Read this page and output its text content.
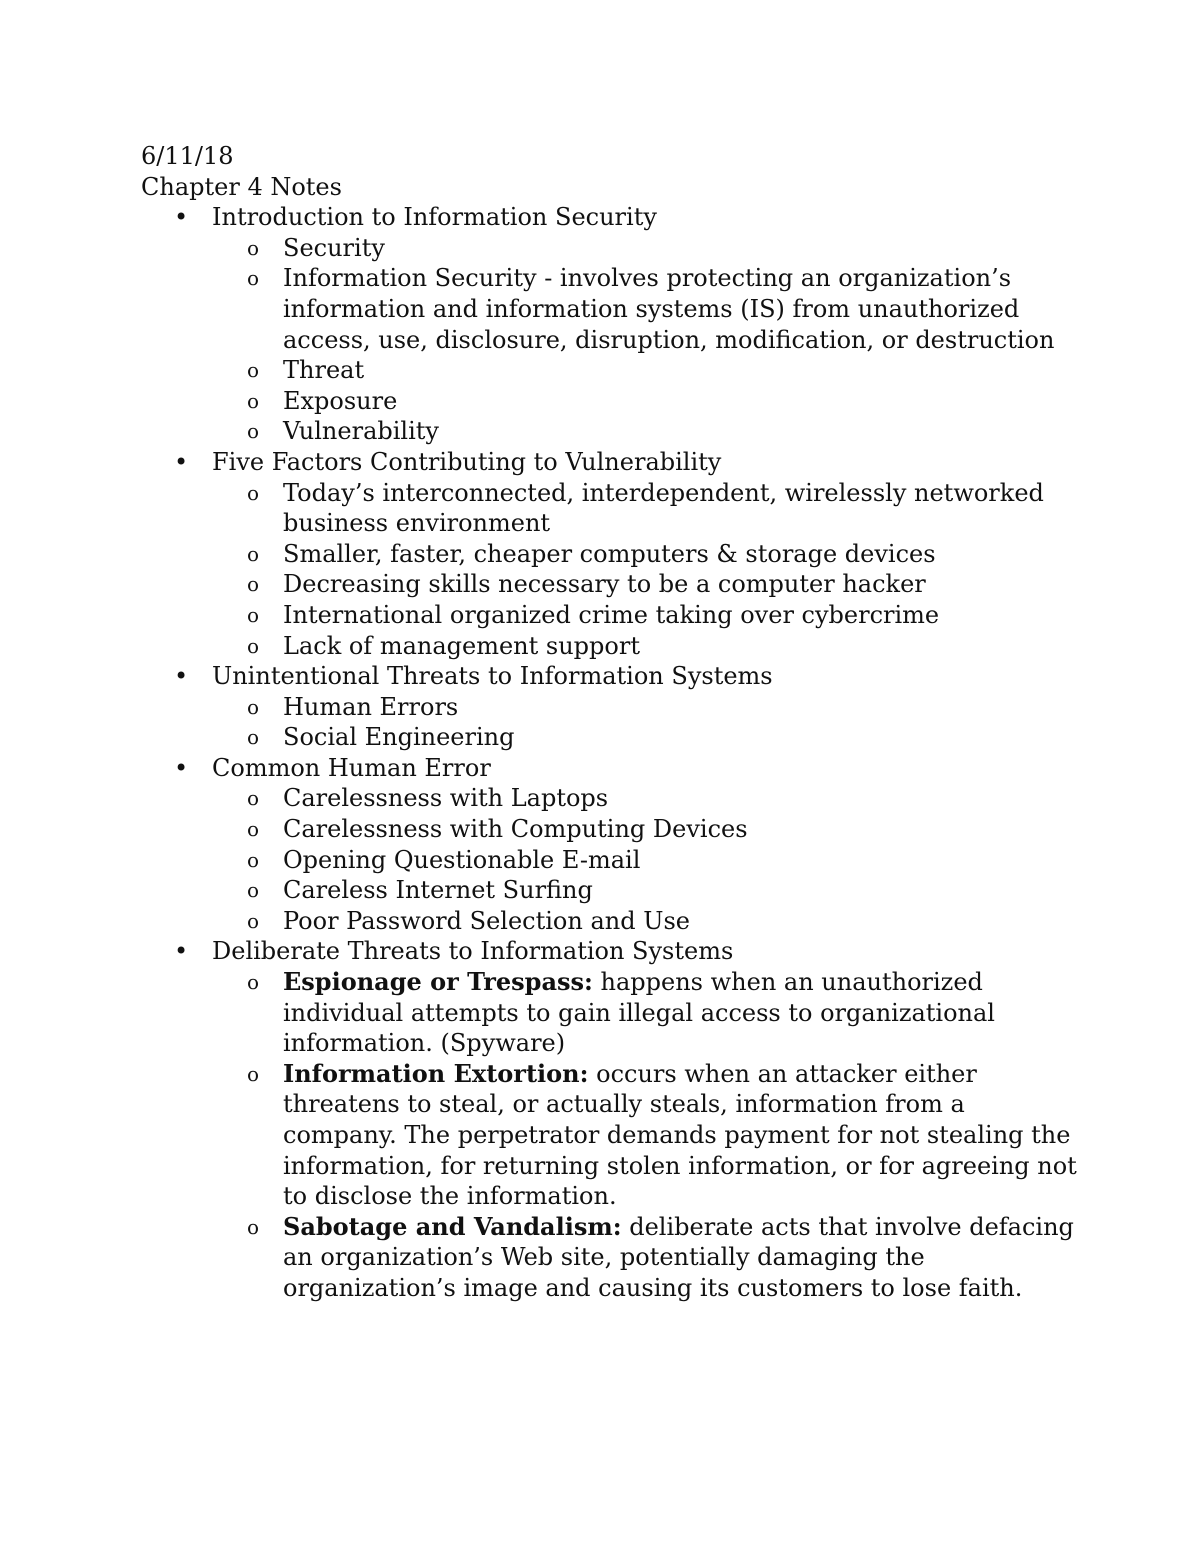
6/11/18
Chapter 4 Notes
• Introduction to Information Security
o Security
o Information Security - involves protecting an organization’s information and information systems (IS) from unauthorized access, use, disclosure, disruption, modification, or destruction
o Threat
o Exposure
o Vulnerability
• Five Factors Contributing to Vulnerability
o Today’s interconnected, interdependent, wirelessly networked business environment
o Smaller, faster, cheaper computers & storage devices
o Decreasing skills necessary to be a computer hacker
o International organized crime taking over cybercrime
o Lack of management support
• Unintentional Threats to Information Systems
o Human Errors
o Social Engineering
• Common Human Error
o Carelessness with Laptops
o Carelessness with Computing Devices
o Opening Questionable E-mail
o Careless Internet Surfing
o Poor Password Selection and Use
• Deliberate Threats to Information Systems
o Espionage or Trespass: happens when an unauthorized individual attempts to gain illegal access to organizational information. (Spyware)
o Information Extortion: occurs when an attacker either threatens to steal, or actually steals, information from a company. The perpetrator demands payment for not stealing the information, for returning stolen information, or for agreeing not to disclose the information.
o Sabotage and Vandalism: deliberate acts that involve defacing an organization’s Web site, potentially damaging the organization’s image and causing its customers to lose faith.
